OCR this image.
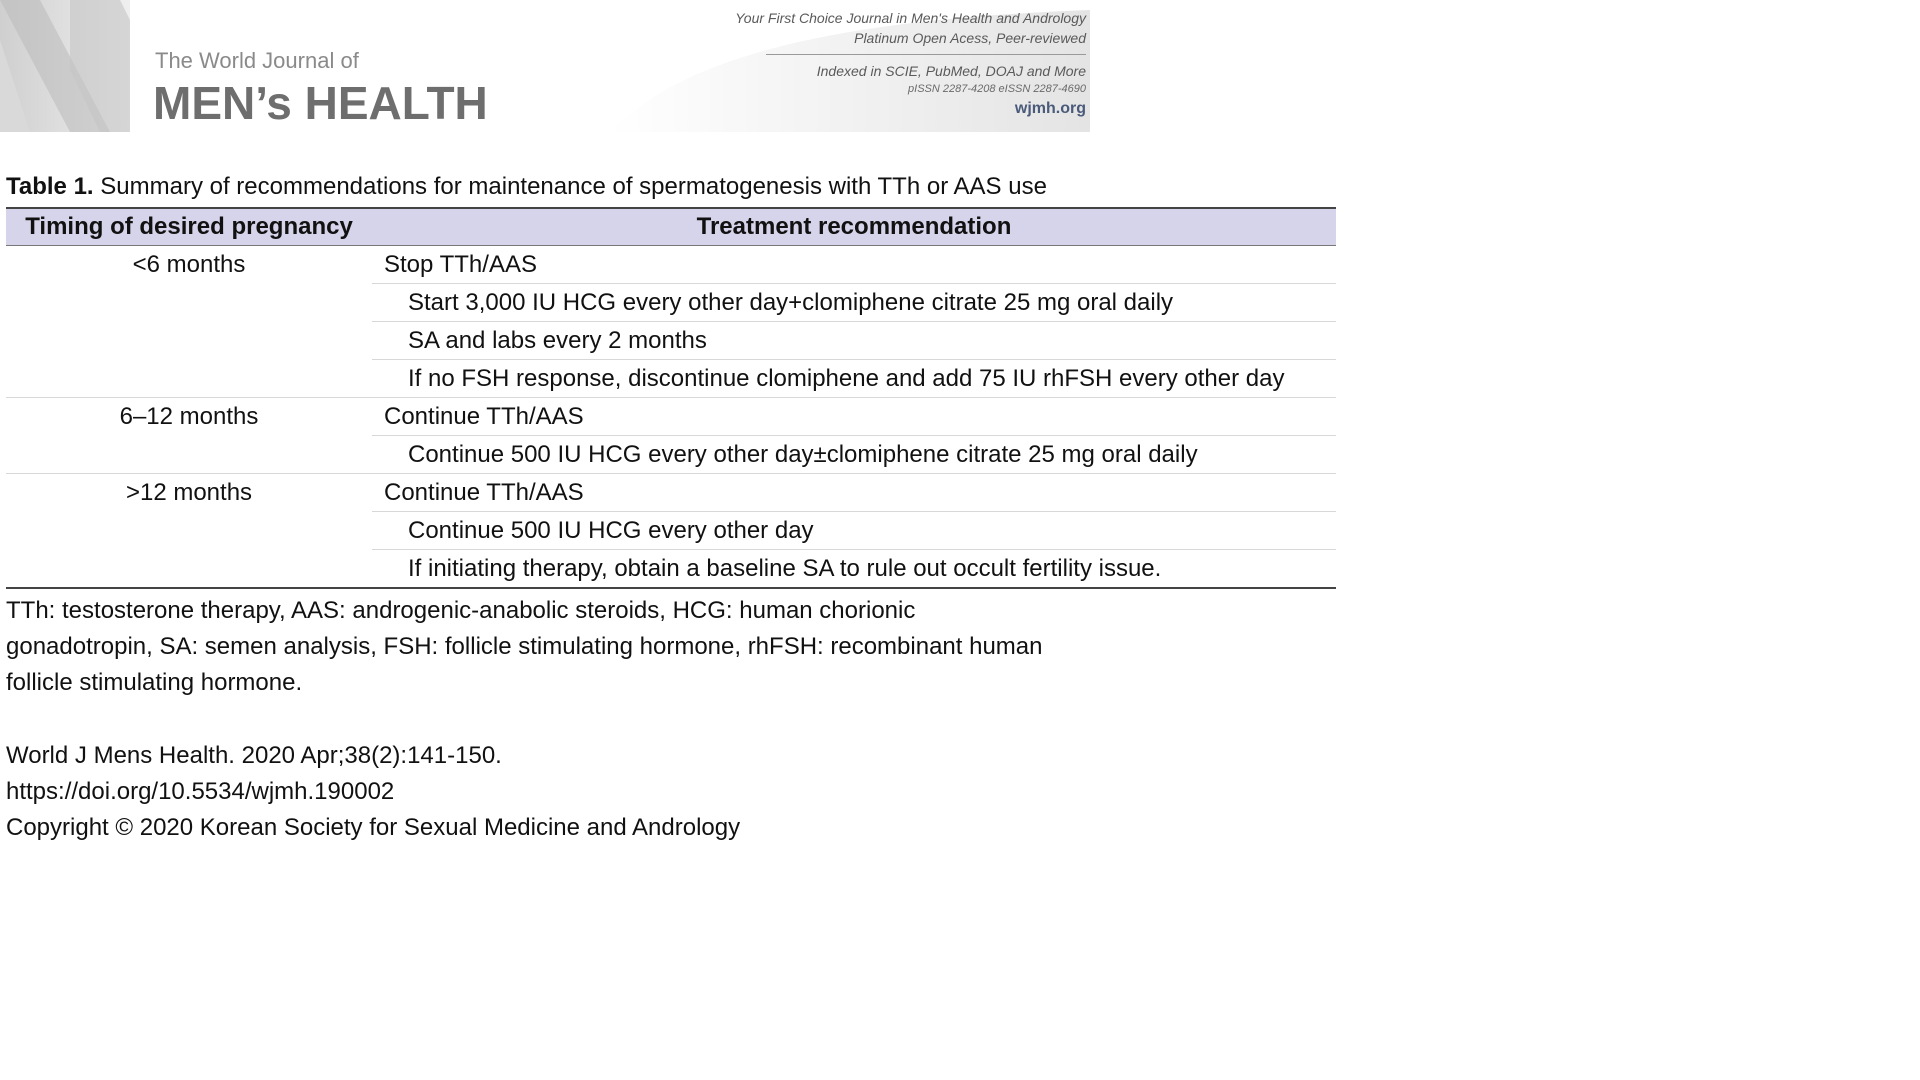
The World Journal of
MEN’s HEALTH
Your First Choice Journal in Men's Health and Andrology
Platinum Open Acess, Peer-reviewed
Indexed in SCIE, PubMed, DOAJ and More
pISSN 2287-4208 eISSN 2287-4690
wjmh.org
Table 1. Summary of recommendations for maintenance of spermatogenesis with TTh or AAS use
Timing of desired pregnancy	Treatment recommendation
<6 months	Stop TTh/AAS
	Start 3,000 IU HCG every other day+clomiphene citrate 25 mg oral daily
	SA and labs every 2 months
	If no FSH response, discontinue clomiphene and add 75 IU rhFSH every other day
6–12 months	Continue TTh/AAS
	Continue 500 IU HCG every other day±clomiphene citrate 25 mg oral daily
>12 months	Continue TTh/AAS
	Continue 500 IU HCG every other day
	If initiating therapy, obtain a baseline SA to rule out occult fertility issue.
TTh: testosterone therapy, AAS: androgenic-anabolic steroids, HCG: human chorionic
gonadotropin, SA: semen analysis, FSH: follicle stimulating hormone, rhFSH: recombinant human
follicle stimulating hormone.
World J Mens Health. 2020 Apr;38(2):141-150.
https://doi.org/10.5534/wjmh.190002
Copyright © 2020 Korean Society for Sexual Medicine and Andrology
